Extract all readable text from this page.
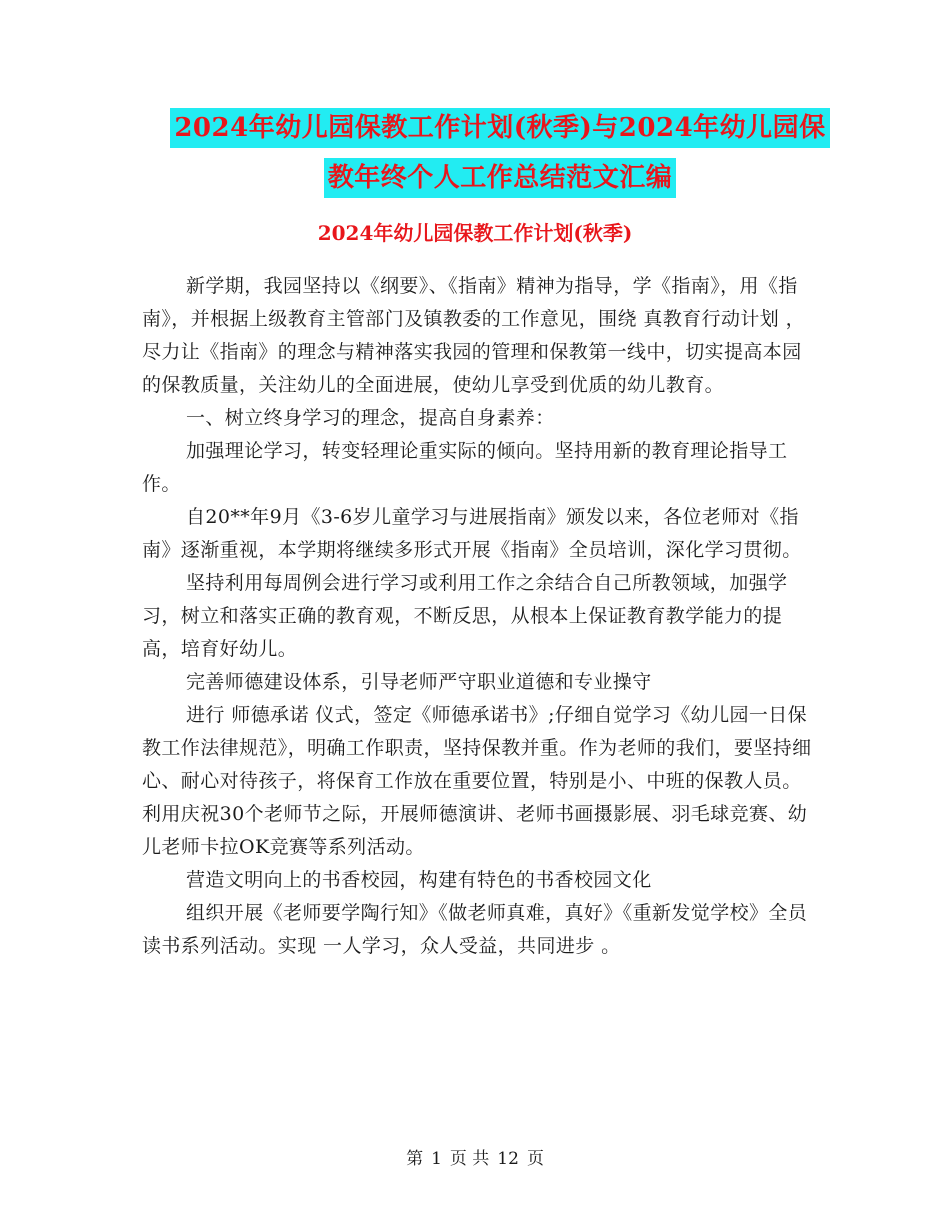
2024年幼儿园保教工作计划(秋季)与2024年幼儿园保
教年终个人工作总结范文汇编
2024年幼儿园保教工作计划(秋季)

新学期，我园坚持以《纲要》、《指南》精神为指导，学《指南》，用《指南》，并根据上级教育主管部门及镇教委的工作意见，围绕 真教育行动计划 ，尽力让《指南》的理念与精神落实我园的管理和保教第一线中，切实提高本园的保教质量，关注幼儿的全面进展，使幼儿享受到优质的幼儿教育。

一、树立终身学习的理念，提高自身素养：

加强理论学习，转变轻理论重实际的倾向。坚持用新的教育理论指导工作。

自20**年9月《3-6岁儿童学习与进展指南》颁发以来，各位老师对《指南》逐渐重视，本学期将继续多形式开展《指南》全员培训，深化学习贯彻。

坚持利用每周例会进行学习或利用工作之余结合自己所教领域，加强学习，树立和落实正确的教育观，不断反思，从根本上保证教育教学能力的提高，培育好幼儿。

完善师德建设体系，引导老师严守职业道德和专业操守

进行 师德承诺 仪式，签定《师德承诺书》;仔细自觉学习《幼儿园一日保教工作法律规范》，明确工作职责，坚持保教并重。作为老师的我们，要坚持细心、耐心对待孩子，将保育工作放在重要位置，特别是小、中班的保教人员。利用庆祝30个老师节之际，开展师德演讲、老师书画摄影展、羽毛球竞赛、幼儿老师卡拉OK竞赛等系列活动。

营造文明向上的书香校园，构建有特色的书香校园文化

组织开展《老师要学陶行知》《做老师真难，真好》《重新发觉学校》全员读书系列活动。实现 一人学习，众人受益，共同进步 。

第 1 页 共 12 页
